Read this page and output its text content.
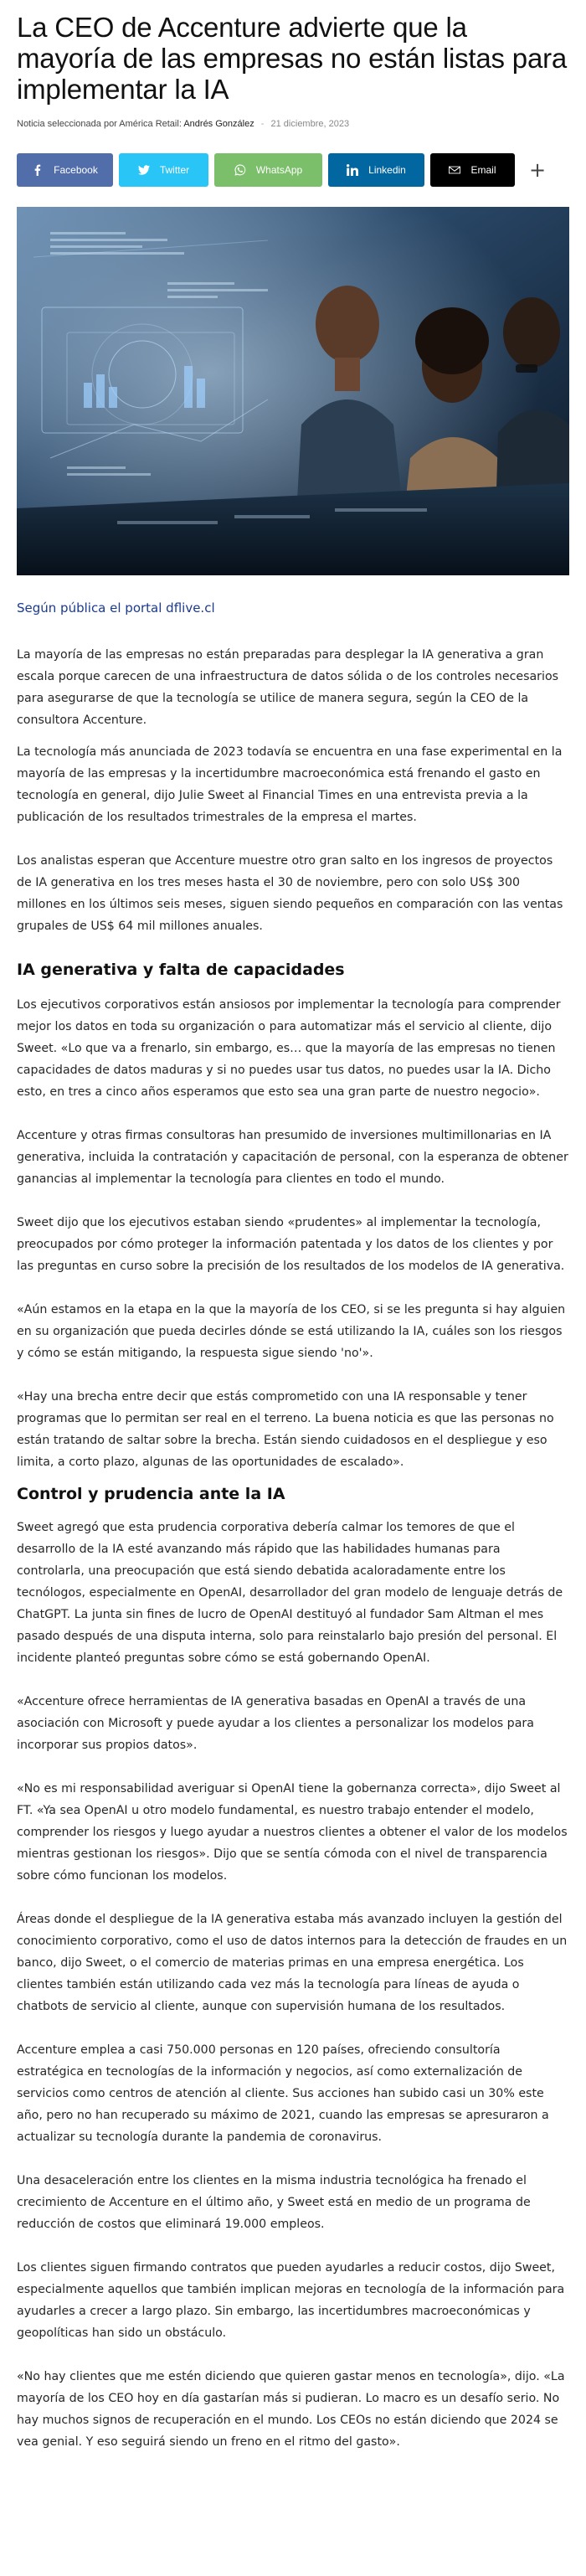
La CEO de Accenture advierte que la mayoría de las empresas no están listas para implementar la IA
Noticia seleccionada por América Retail: Andrés González - 21 diciembre, 2023
Facebook	Twitter	WhatsApp	Linkedin	Email	+
Según pública el portal dflive.cl

La mayoría de las empresas no están preparadas para desplegar la IA generativa a gran escala porque carecen de una infraestructura de datos sólida o de los controles necesarios para asegurarse de que la tecnología se utilice de manera segura, según la CEO de la consultora Accenture.

La tecnología más anunciada de 2023 todavía se encuentra en una fase experimental en la mayoría de las empresas y la incertidumbre macroeconómica está frenando el gasto en tecnología en general, dijo Julie Sweet al Financial Times en una entrevista previa a la publicación de los resultados trimestrales de la empresa el martes.

Los analistas esperan que Accenture muestre otro gran salto en los ingresos de proyectos de IA generativa en los tres meses hasta el 30 de noviembre, pero con solo US$ 300 millones en los últimos seis meses, siguen siendo pequeños en comparación con las ventas grupales de US$ 64 mil millones anuales.

IA generativa y falta de capacidades

Los ejecutivos corporativos están ansiosos por implementar la tecnología para comprender mejor los datos en toda su organización o para automatizar más el servicio al cliente, dijo Sweet. «Lo que va a frenarlo, sin embargo, es… que la mayoría de las empresas no tienen capacidades de datos maduras y si no puedes usar tus datos, no puedes usar la IA. Dicho esto, en tres a cinco años esperamos que esto sea una gran parte de nuestro negocio».

Accenture y otras firmas consultoras han presumido de inversiones multimillonarias en IA generativa, incluida la contratación y capacitación de personal, con la esperanza de obtener ganancias al implementar la tecnología para clientes en todo el mundo.

Sweet dijo que los ejecutivos estaban siendo «prudentes» al implementar la tecnología, preocupados por cómo proteger la información patentada y los datos de los clientes y por las preguntas en curso sobre la precisión de los resultados de los modelos de IA generativa.

«Aún estamos en la etapa en la que la mayoría de los CEO, si se les pregunta si hay alguien en su organización que pueda decirles dónde se está utilizando la IA, cuáles son los riesgos y cómo se están mitigando, la respuesta sigue siendo 'no'».

«Hay una brecha entre decir que estás comprometido con una IA responsable y tener programas que lo permitan ser real en el terreno. La buena noticia es que las personas no están tratando de saltar sobre la brecha. Están siendo cuidadosos en el despliegue y eso limita, a corto plazo, algunas de las oportunidades de escalado».

Control y prudencia ante la IA

Sweet agregó que esta prudencia corporativa debería calmar los temores de que el desarrollo de la IA esté avanzando más rápido que las habilidades humanas para controlarla, una preocupación que está siendo debatida acaloradamente entre los tecnólogos, especialmente en OpenAI, desarrollador del gran modelo de lenguaje detrás de ChatGPT. La junta sin fines de lucro de OpenAI destituyó al fundador Sam Altman el mes pasado después de una disputa interna, solo para reinstalarlo bajo presión del personal. El incidente planteó preguntas sobre cómo se está gobernando OpenAI.

«Accenture ofrece herramientas de IA generativa basadas en OpenAI a través de una asociación con Microsoft y puede ayudar a los clientes a personalizar los modelos para incorporar sus propios datos».

«No es mi responsabilidad averiguar si OpenAI tiene la gobernanza correcta», dijo Sweet al FT. «Ya sea OpenAI u otro modelo fundamental, es nuestro trabajo entender el modelo, comprender los riesgos y luego ayudar a nuestros clientes a obtener el valor de los modelos mientras gestionan los riesgos». Dijo que se sentía cómoda con el nivel de transparencia sobre cómo funcionan los modelos.

Áreas donde el despliegue de la IA generativa estaba más avanzado incluyen la gestión del conocimiento corporativo, como el uso de datos internos para la detección de fraudes en un banco, dijo Sweet, o el comercio de materias primas en una empresa energética. Los clientes también están utilizando cada vez más la tecnología para líneas de ayuda o chatbots de servicio al cliente, aunque con supervisión humana de los resultados.

Accenture emplea a casi 750.000 personas en 120 países, ofreciendo consultoría estratégica en tecnologías de la información y negocios, así como externalización de servicios como centros de atención al cliente. Sus acciones han subido casi un 30% este año, pero no han recuperado su máximo de 2021, cuando las empresas se apresuraron a actualizar su tecnología durante la pandemia de coronavirus.

Una desaceleración entre los clientes en la misma industria tecnológica ha frenado el crecimiento de Accenture en el último año, y Sweet está en medio de un programa de reducción de costos que eliminará 19.000 empleos.

Los clientes siguen firmando contratos que pueden ayudarles a reducir costos, dijo Sweet, especialmente aquellos que también implican mejoras en tecnología de la información para ayudarles a crecer a largo plazo. Sin embargo, las incertidumbres macroeconómicas y geopolíticas han sido un obstáculo.

«No hay clientes que me estén diciendo que quieren gastar menos en tecnología», dijo. «La mayoría de los CEO hoy en día gastarían más si pudieran. Lo macro es un desafío serio. No hay muchos signos de recuperación en el mundo. Los CEOs no están diciendo que 2024 se vea genial. Y eso seguirá siendo un freno en el ritmo del gasto».
